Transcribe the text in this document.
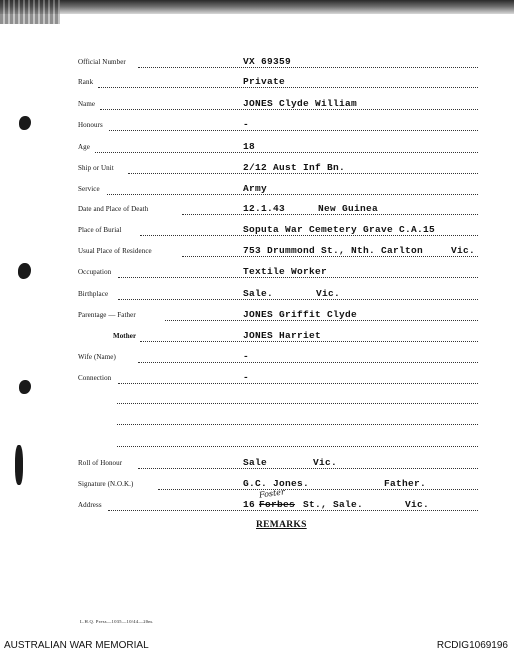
Official Number	VX 69359
Rank	Private
Name	JONES Clyde William
Honours	-
Age	18
Ship or Unit	2/12 Aust Inf Bn.
Service	Army
Date and Place of Death	12.1.43	New Guinea
Place of Burial	Soputa War Cemetery Grave C.A.15
Usual Place of Residence	753 Drummond St., Nth. Carlton	Vic.
Occupation	Textile Worker
Birthplace	Sale.	Vic.
Parentage — Father	JONES Griffit Clyde
Mother	JONES Harriet
Wife (Name)	-
Connection	-
Roll of Honour	Sale	Vic.
Signature (N.O.K.)	G.C. Jones.	Father.
Foster
Address	16 Forbes St., Sale.	Vic.
REMARKS
L.H.Q. Press—1035—10/44—20m.
AUSTRALIAN WAR MEMORIAL	RCDIG1069196
